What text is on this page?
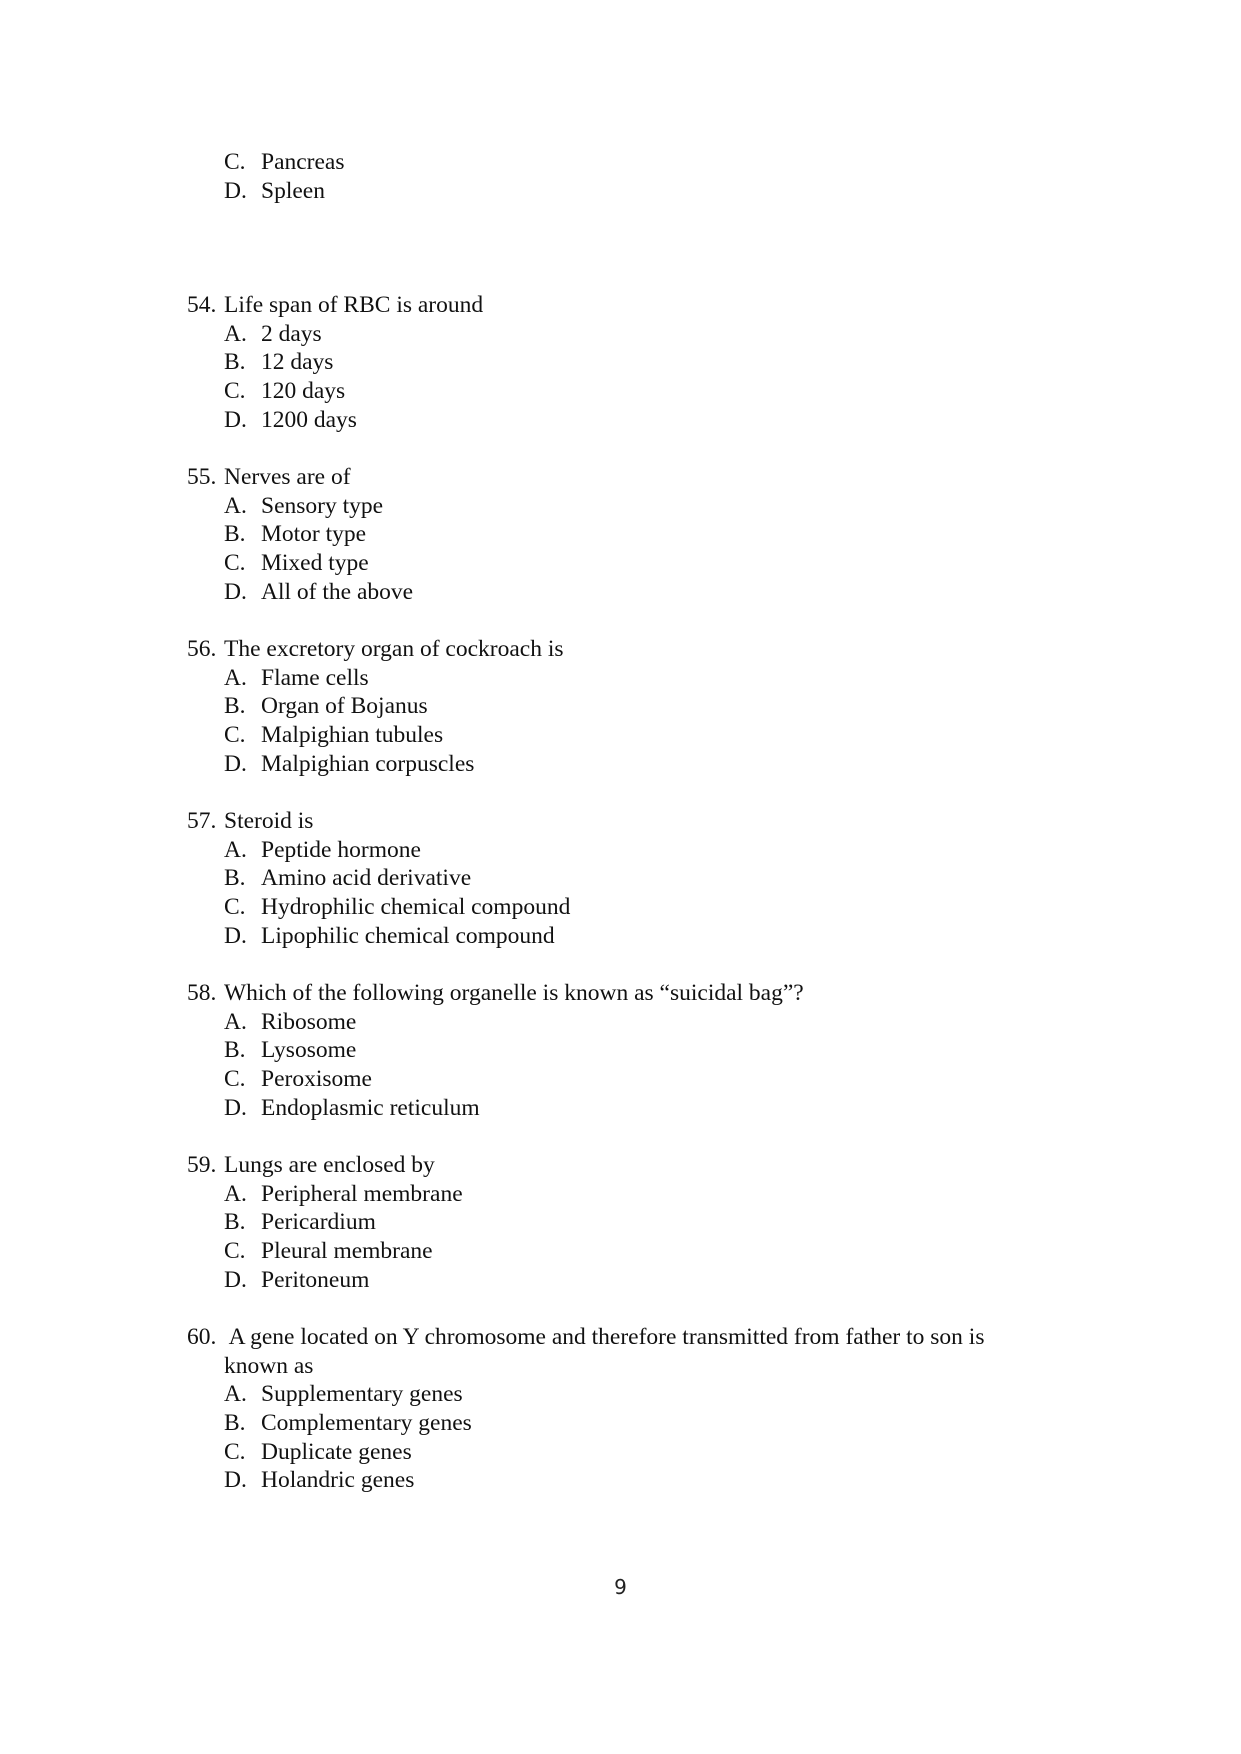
C. Pancreas
D. Spleen
54. Life span of RBC is around
A. 2 days
B. 12 days
C. 120 days
D. 1200 days
55. Nerves are of
A. Sensory type
B. Motor type
C. Mixed type
D. All of the above
56. The excretory organ of cockroach is
A. Flame cells
B. Organ of Bojanus
C. Malpighian tubules
D. Malpighian corpuscles
57. Steroid is
A. Peptide hormone
B. Amino acid derivative
C. Hydrophilic chemical compound
D. Lipophilic chemical compound
58. Which of the following organelle is known as “suicidal bag”?
A. Ribosome
B. Lysosome
C. Peroxisome
D. Endoplasmic reticulum
59. Lungs are enclosed by
A. Peripheral membrane
B. Pericardium
C. Pleural membrane
D. Peritoneum
60. A gene located on Y chromosome and therefore transmitted from father to son is
known as
A. Supplementary genes
B. Complementary genes
C. Duplicate genes
D. Holandric genes
9
